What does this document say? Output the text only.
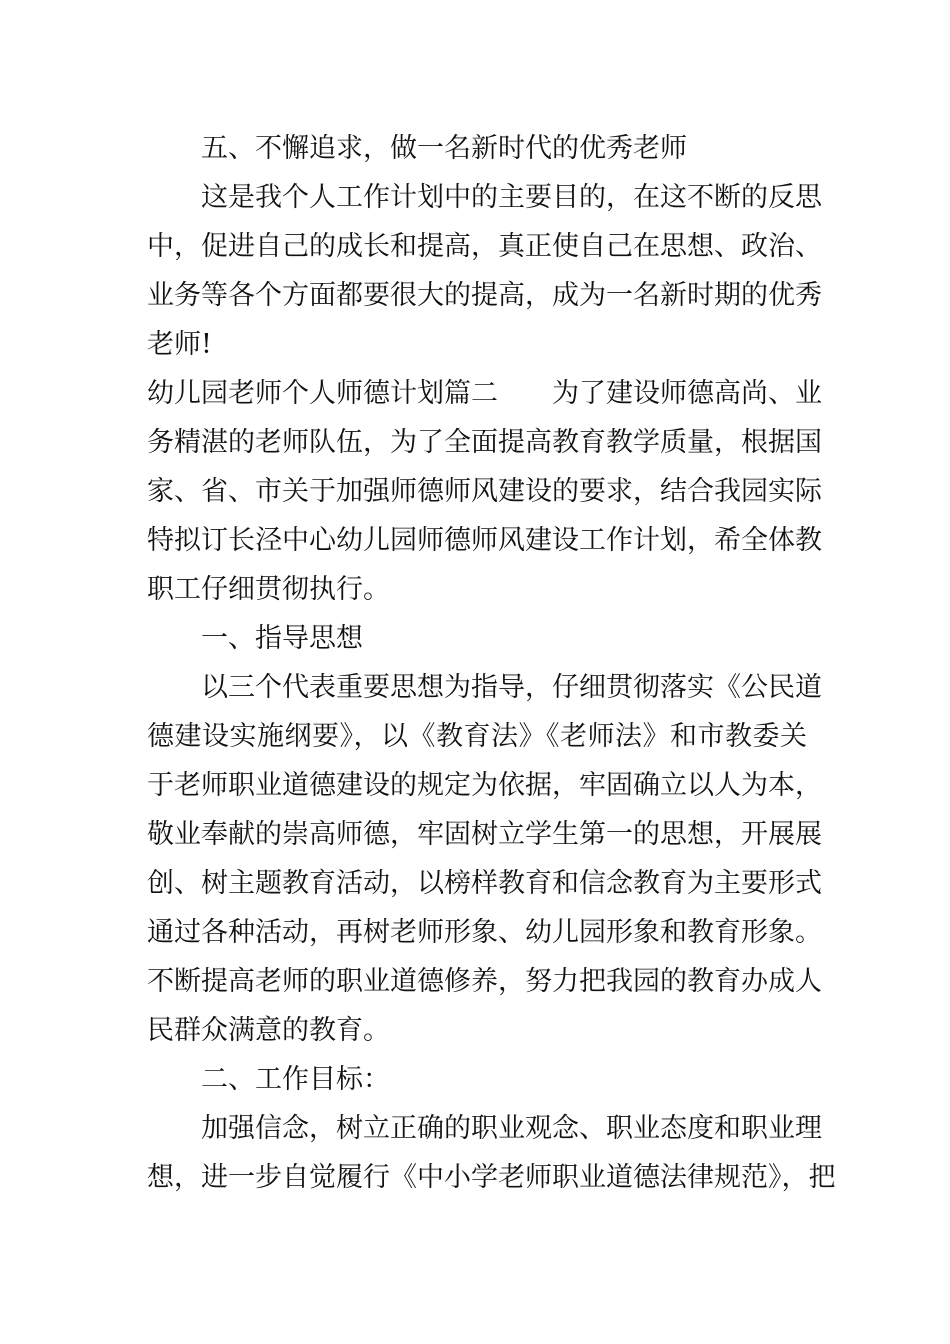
五、不懈追求，做一名新时代的优秀老师
这是我个人工作计划中的主要目的，在这不断的反思
中，促进自己的成长和提高，真正使自己在思想、政治、
业务等各个方面都要很大的提高，成为一名新时期的优秀
老师!
幼儿园老师个人师德计划篇二 为了建设师德高尚、业
务精湛的老师队伍，为了全面提高教育教学质量，根据国
家、省、市关于加强师德师风建设的要求，结合我园实际
特拟订长泾中心幼儿园师德师风建设工作计划，希全体教
职工仔细贯彻执行。
一、指导思想
以三个代表重要思想为指导，仔细贯彻落实《公民道
德建设实施纲要》，以《教育法》《老师法》和市教委关
于老师职业道德建设的规定为依据，牢固确立以人为本，
敬业奉献的崇高师德，牢固树立学生第一的思想，开展展
创、树主题教育活动，以榜样教育和信念教育为主要形式
通过各种活动，再树老师形象、幼儿园形象和教育形象。
不断提高老师的职业道德修养，努力把我园的教育办成人
民群众满意的教育。
二、工作目标：
加强信念，树立正确的职业观念、职业态度和职业理
想，进一步自觉履行《中小学老师职业道德法律规范》，把
